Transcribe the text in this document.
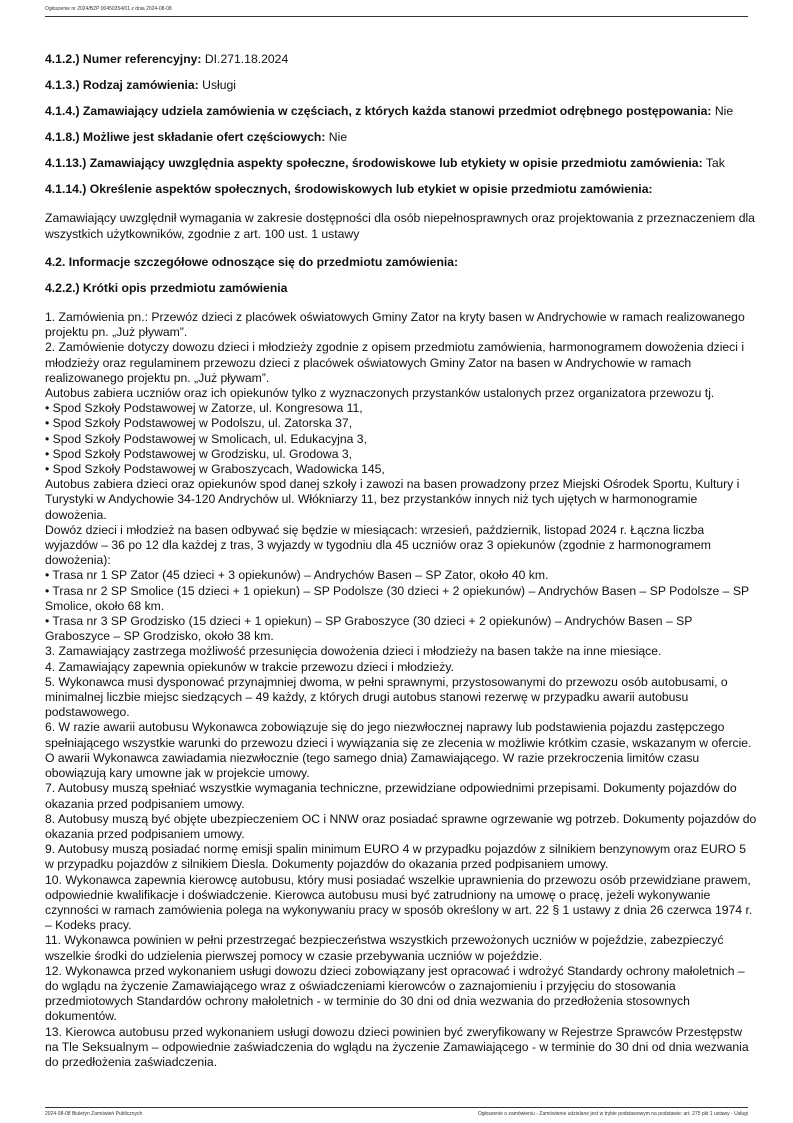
Ogłoszenie nr 2024/BZP 00450354/01 z dnia 2024-08-08
4.1.2.) Numer referencyjny: DI.271.18.2024
4.1.3.) Rodzaj zamówienia: Usługi
4.1.4.) Zamawiający udziela zamówienia w częściach, z których każda stanowi przedmiot odrębnego postępowania: Nie
4.1.8.) Możliwe jest składanie ofert częściowych: Nie
4.1.13.) Zamawiający uwzględnia aspekty społeczne, środowiskowe lub etykiety w opisie przedmiotu zamówienia: Tak
4.1.14.) Określenie aspektów społecznych, środowiskowych lub etykiet w opisie przedmiotu zamówienia:
Zamawiający uwzględnił wymagania w zakresie dostępności dla osób niepełnosprawnych oraz projektowania z przeznaczeniem dla wszystkich użytkowników, zgodnie z art. 100 ust. 1 ustawy
4.2. Informacje szczegółowe odnoszące się do przedmiotu zamówienia:
4.2.2.) Krótki opis przedmiotu zamówienia
1. Zamówienia pn.: Przewóz dzieci z placówek oświatowych Gminy Zator na kryty basen w Andrychowie w ramach realizowanego projektu pn. „Już pływam”.
2. Zamówienie dotyczy dowozu dzieci i młodzieży zgodnie z opisem przedmiotu zamówienia, harmonogramem dowożenia dzieci i młodzieży oraz regulaminem przewozu dzieci z placówek oświatowych Gminy Zator na basen w Andrychowie w ramach realizowanego projektu pn. „Już pływam”.
Autobus zabiera uczniów oraz ich opiekunów tylko z wyznaczonych przystanków ustalonych przez organizatora przewozu tj.
• Spod Szkoły Podstawowej w Zatorze, ul. Kongresowa 11,
• Spod Szkoły Podstawowej w Podolszu, ul. Zatorska 37,
• Spod Szkoły Podstawowej w Smolicach, ul. Edukacyjna 3,
• Spod Szkoły Podstawowej w Grodzisku, ul. Grodowa 3,
• Spod Szkoły Podstawowej w Graboszycach, Wadowicka 145,
Autobus zabiera dzieci oraz opiekunów spod danej szkoły i zawozi na basen prowadzony przez Miejski Ośrodek Sportu, Kultury i Turystyki w Andychowie 34-120 Andrychów ul. Włókniarzy 11, bez przystanków innych niż tych ujętych w harmonogramie dowożenia.
Dowóz dzieci i młodzież na basen odbywać się będzie w miesiącach: wrzesień, październik, listopad 2024 r. Łączna liczba wyjazdów – 36 po 12 dla każdej z tras, 3 wyjazdy w tygodniu dla 45 uczniów oraz 3 opiekunów (zgodnie z harmonogramem dowożenia):
• Trasa nr 1 SP Zator (45 dzieci + 3 opiekunów) – Andrychów Basen – SP Zator, około 40 km.
• Trasa nr 2 SP Smolice (15 dzieci + 1 opiekun) – SP Podolsze (30 dzieci + 2 opiekunów) – Andrychów Basen – SP Podolsze – SP Smolice, około 68 km.
• Trasa nr 3 SP Grodzisko (15 dzieci + 1 opiekun) – SP Graboszyce (30 dzieci + 2 opiekunów) – Andrychów Basen – SP Graboszyce – SP Grodzisko, około 38 km.
3. Zamawiający zastrzega możliwość przesunięcia dowożenia dzieci i młodzieży na basen także na inne miesiące.
4. Zamawiający zapewnia opiekunów w trakcie przewozu dzieci i młodzieży.
5. Wykonawca musi dysponować przynajmniej dwoma, w pełni sprawnymi, przystosowanymi do przewozu osób autobusami, o minimalnej liczbie miejsc siedzących – 49 każdy, z których drugi autobus stanowi rezerwę w przypadku awarii autobusu podstawowego.
6. W razie awarii autobusu Wykonawca zobowiązuje się do jego niezwłocznej naprawy lub podstawienia pojazdu zastępczego spełniającego wszystkie warunki do przewozu dzieci i wywiązania się ze zlecenia w możliwie krótkim czasie, wskazanym w ofercie. O awarii Wykonawca zawiadamia niezwłocznie (tego samego dnia) Zamawiającego. W razie przekroczenia limitów czasu obowiązują kary umowne jak w projekcie umowy.
7. Autobusy muszą spełniać wszystkie wymagania techniczne, przewidziane odpowiednimi przepisami. Dokumenty pojazdów do okazania przed podpisaniem umowy.
8. Autobusy muszą być objęte ubezpieczeniem OC i NNW oraz posiadać sprawne ogrzewanie wg potrzeb. Dokumenty pojazdów do okazania przed podpisaniem umowy.
9. Autobusy muszą posiadać normę emisji spalin minimum EURO 4 w przypadku pojazdów z silnikiem benzynowym oraz EURO 5 w przypadku pojazdów z silnikiem Diesla. Dokumenty pojazdów do okazania przed podpisaniem umowy.
10. Wykonawca zapewnia kierowcę autobusu, który musi posiadać wszelkie uprawnienia do przewozu osób przewidziane prawem, odpowiednie kwalifikacje i doświadczenie. Kierowca autobusu musi być zatrudniony na umowę o pracę, jeżeli wykonywanie czynności w ramach zamówienia polega na wykonywaniu pracy w sposób określony w art. 22 § 1 ustawy z dnia 26 czerwca 1974 r. – Kodeks pracy.
11. Wykonawca powinien w pełni przestrzegać bezpieczeństwa wszystkich przewożonych uczniów w pojeździe, zabezpieczyć wszelkie środki do udzielenia pierwszej pomocy w czasie przebywania uczniów w pojeździe.
12. Wykonawca przed wykonaniem usługi dowozu dzieci zobowiązany jest opracować i wdrożyć Standardy ochrony małoletnich – do wglądu na życzenie Zamawiającego wraz z oświadczeniami kierowców o zaznajomieniu i przyjęciu do stosowania przedmiotowych Standardów ochrony małoletnich - w terminie do 30 dni od dnia wezwania do przedłożenia stosownych dokumentów.
13. Kierowca autobusu przed wykonaniem usługi dowozu dzieci powinien być zweryfikowany w Rejestrze Sprawców Przestępstw na Tle Seksualnym – odpowiednie zaświadczenia do wglądu na życzenie Zamawiającego - w terminie do 30 dni od dnia wezwania do przedłożenia zaświadczenia.
2024-08-08 Biuletyn Zamówień Publicznych	Ogłoszenie o zamówieniu - Zamówienie udzielane jest w trybie podstawowym na podstawie: art. 275 pkt 1 ustawy - Usługi
